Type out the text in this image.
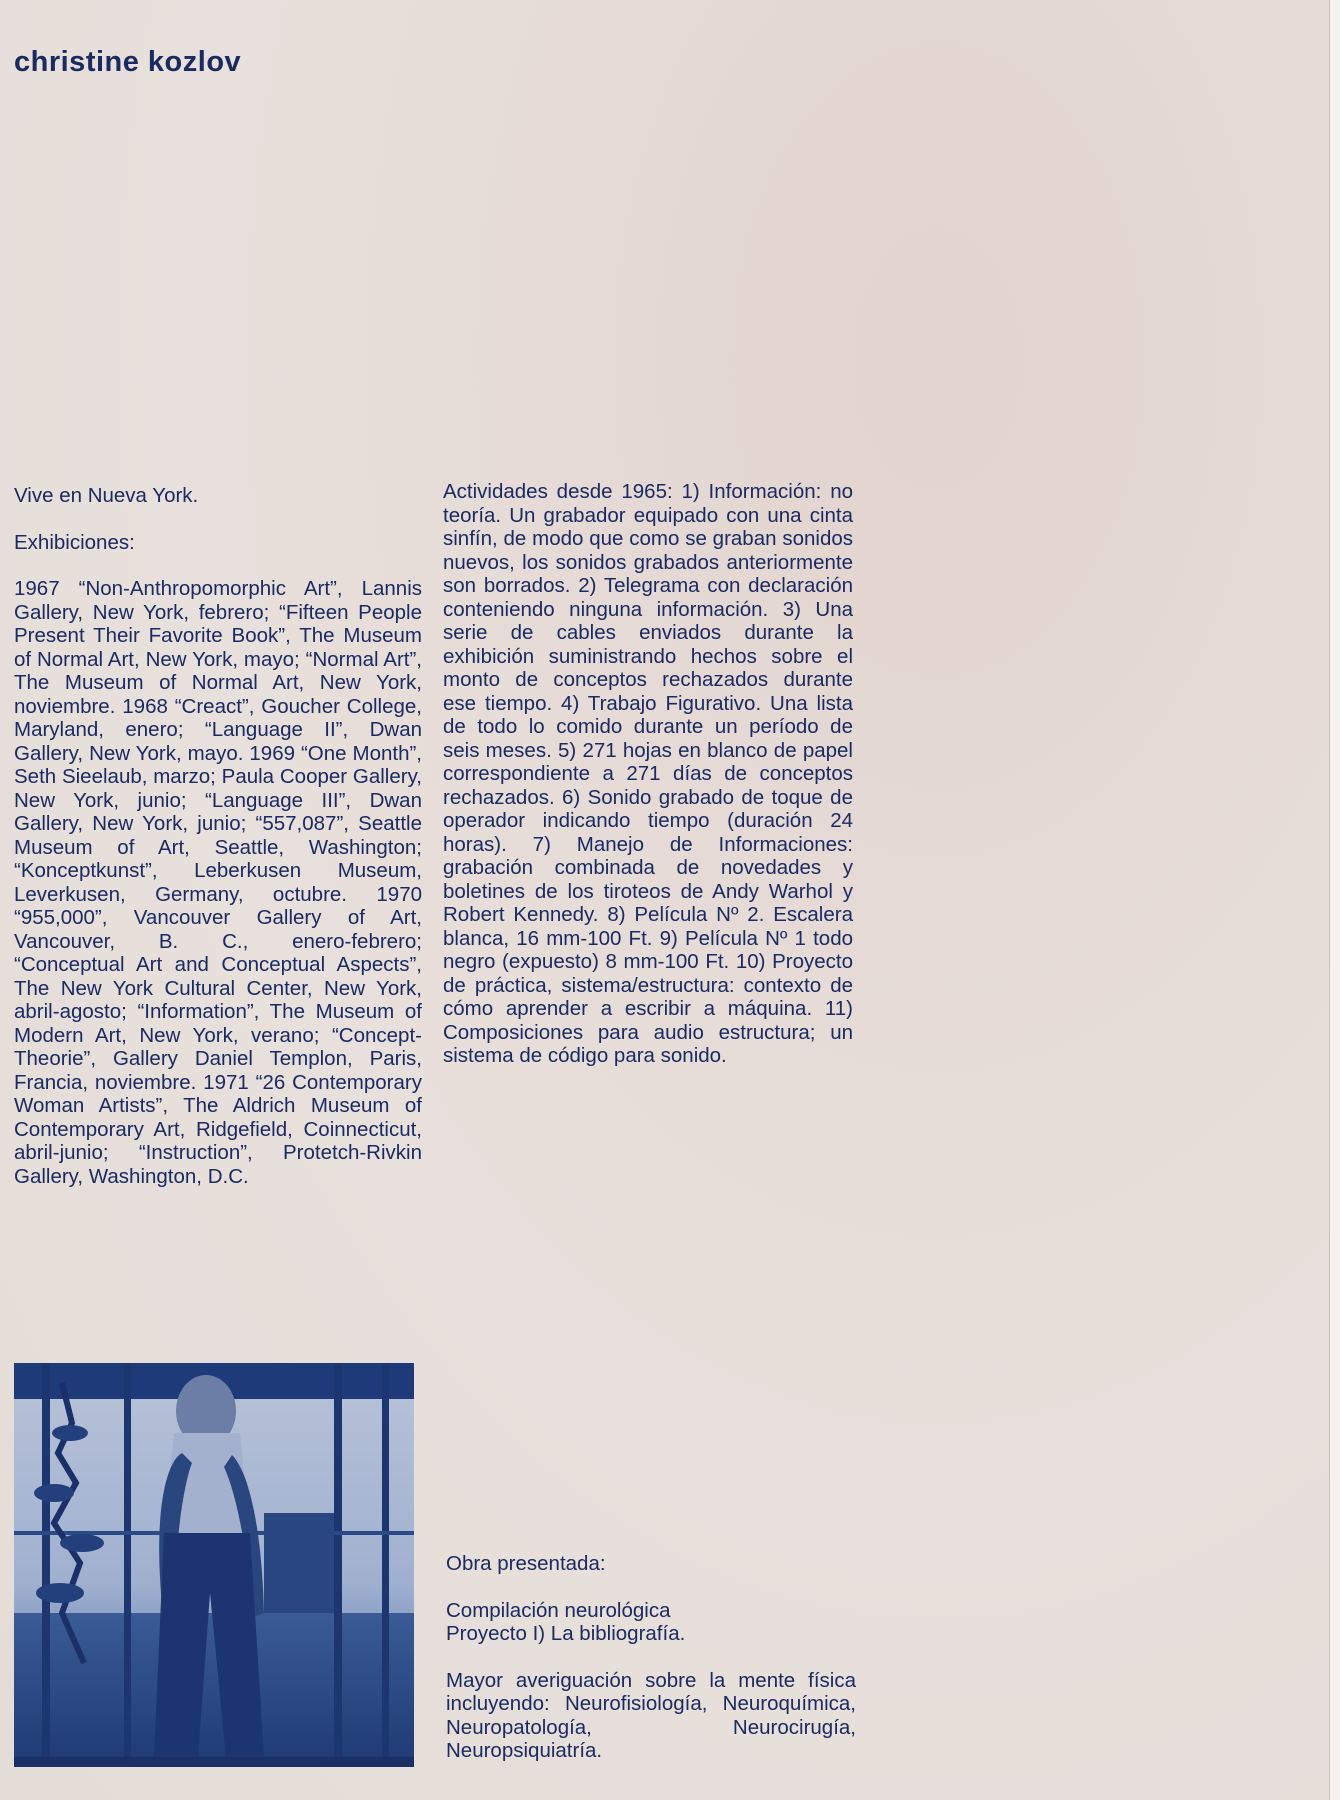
christine kozlov

Vive en Nueva York.

Exhibiciones:

1967 “Non-Anthropomorphic Art”, Lannis Gallery, New York, febrero; “Fifteen People Present Their Favorite Book”, The Museum of Normal Art, New York, mayo; “Normal Art”, The Museum of Normal Art, New York, noviembre. 1968 “Creact”, Goucher College, Maryland, enero; “Language II”, Dwan Gallery, New York, mayo. 1969 “One Month”, Seth Sieelaub, marzo; Paula Cooper Gallery, New York, junio; “Language III”, Dwan Gallery, New York, junio; “557,087”, Seattle Museum of Art, Seattle, Washington; “Konceptkunst”, Leberkusen Museum, Leverkusen, Germany, octubre. 1970 “955,000”, Vancouver Gallery of Art, Vancouver, B. C., enero-febrero; “Conceptual Art and Conceptual Aspects”, The New York Cultural Center, New York, abril-agosto; “Information”, The Museum of Modern Art, New York, verano; “Concept-Theorie”, Gallery Daniel Templon, Paris, Francia, noviembre. 1971 “26 Contemporary Woman Artists”, The Aldrich Museum of Contemporary Art, Ridgefield, Coinnecticut, abril-junio; “Instruction”, Protetch-Rivkin Gallery, Washington, D.C.

Actividades desde 1965: 1) Información: no teoría. Un grabador equipado con una cinta sinfín, de modo que como se graban sonidos nuevos, los sonidos grabados anteriormente son borrados. 2) Telegrama con declaración conteniendo ninguna información. 3) Una serie de cables enviados durante la exhibición suministrando hechos sobre el monto de conceptos rechazados durante ese tiempo. 4) Trabajo Figurativo. Una lista de todo lo comido durante un período de seis meses. 5) 271 hojas en blanco de papel correspondiente a 271 días de conceptos rechazados. 6) Sonido grabado de toque de operador indicando tiempo (duración 24 horas). 7) Manejo de Informaciones: grabación combinada de novedades y boletines de los tiroteos de Andy Warhol y Robert Kennedy. 8) Película Nº 2. Escalera blanca, 16 mm-100 Ft. 9) Película Nº 1 todo negro (expuesto) 8 mm-100 Ft. 10) Proyecto de práctica, sistema/estructura: contexto de cómo aprender a escribir a máquina. 11) Composiciones para audio estructura; un sistema de código para sonido.

Obra presentada:

Compilación neurológica

Proyecto I) La bibliografía.

Mayor averiguación sobre la mente física incluyendo: Neurofisiología, Neuroquímica, Neuropatología, Neurocirugía, Neuropsiquiatría.
